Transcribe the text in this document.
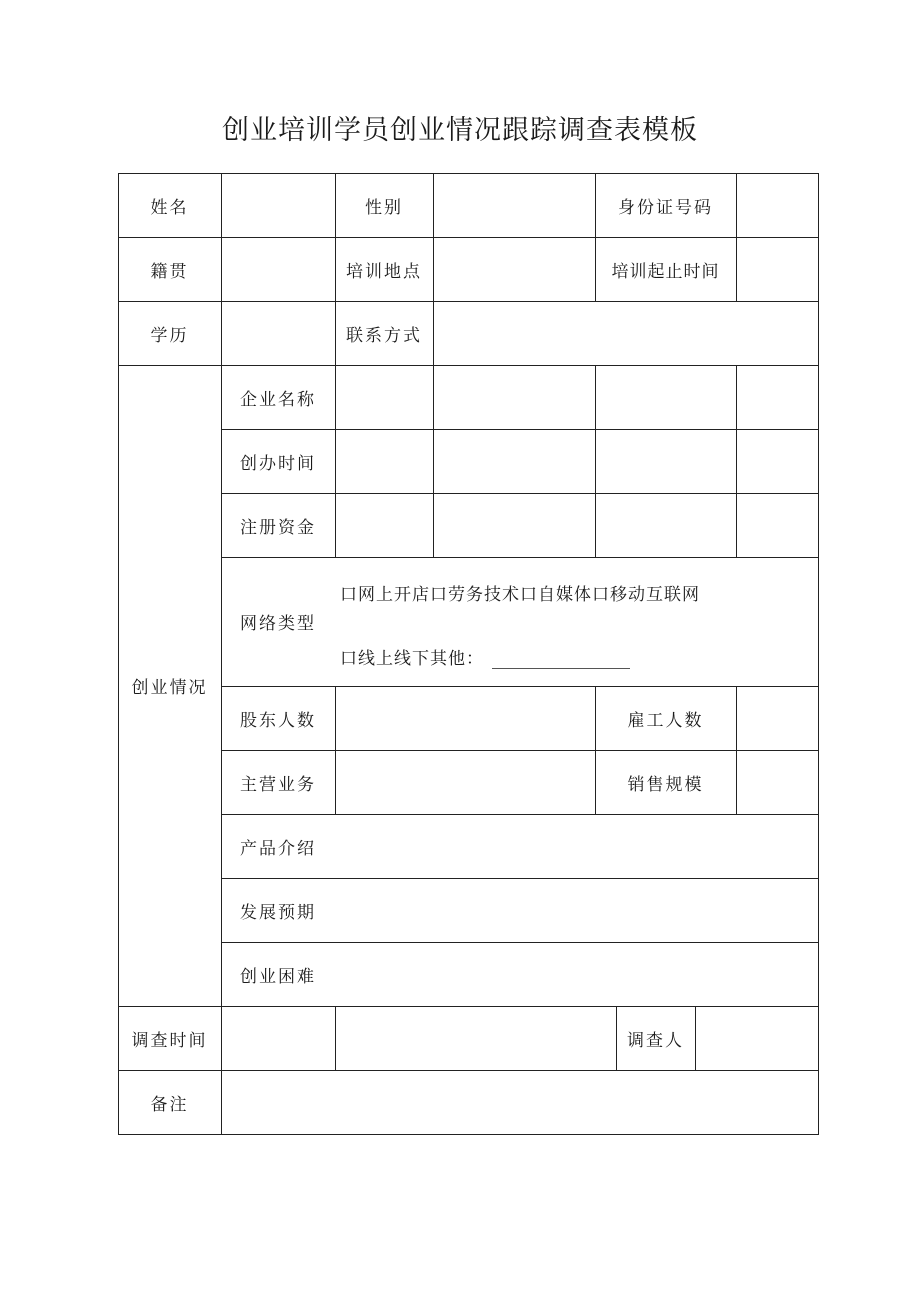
创业培训学员创业情况跟踪调查表模板
姓名	性别	身份证号码
籍贯	培训地点	培训起止时间
学历	联系方式
创业情况
企业名称
创办时间
注册资金
网络类型
口网上开店口劳务技术口自媒体口移动互联网
口线上线下其他：
股东人数	雇工人数
主营业务	销售规模
产品介绍
发展预期
创业困难
调查时间	调查人
备注
